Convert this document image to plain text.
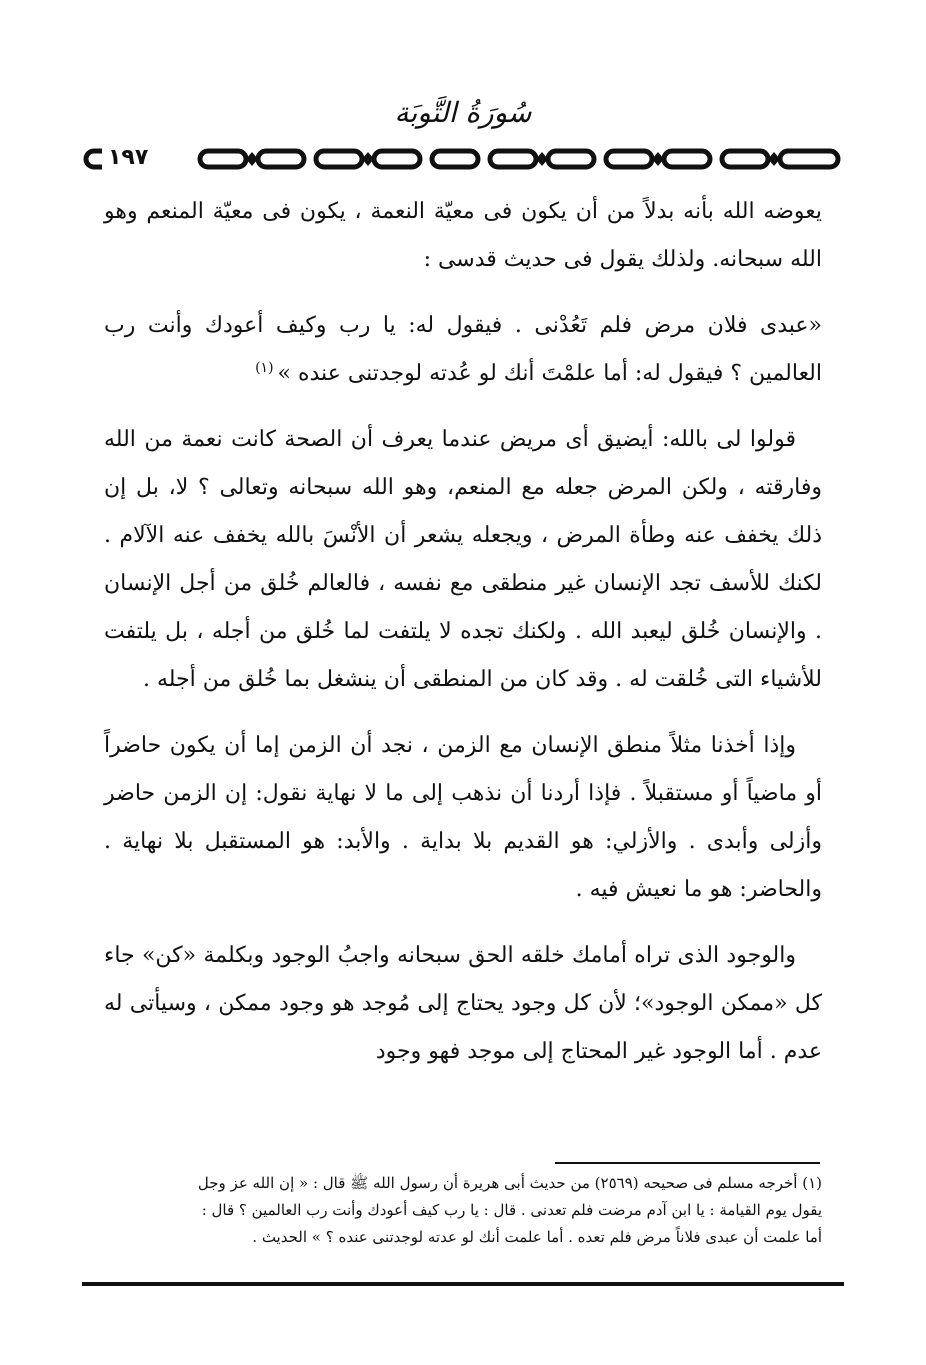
سُورَةُ التَّوبَة
١٩٧

يعوضه الله بأنه بدلاً من أن يكون فى معيّة النعمة ، يكون فى معيّة المنعم وهو الله سبحانه. ولذلك يقول فى حديث قدسى :

«عبدى فلان مرض فلم تَعُدْنى . فيقول له: يا رب وكيف أعودك وأنت رب العالمين ؟ فيقول له: أما علمْتَ أنك لو عُدته لوجدتنى عنده »$^{(١)}$

قولوا لى بالله: أيضيق أى مريض عندما يعرف أن الصحة كانت نعمة من الله وفارقته ، ولكن المرض جعله مع المنعم، وهو الله سبحانه وتعالى ؟ لا، بل إن ذلك يخفف عنه وطأة المرض ، ويجعله يشعر أن الأنْسَ بالله يخفف عنه الآلام . لكنك للأسف تجد الإنسان غير منطقى مع نفسه ، فالعالم خُلق من أجل الإنسان . والإنسان خُلق ليعبد الله . ولكنك تجده لا يلتفت لما خُلق من أجله ، بل يلتفت للأشياء التى خُلقت له . وقد كان من المنطقى أن ينشغل بما خُلق من أجله .

وإذا أخذنا مثلاً منطق الإنسان مع الزمن ، نجد أن الزمن إما أن يكون حاضراً أو ماضياً أو مستقبلاً . فإذا أردنا أن نذهب إلى ما لا نهاية نقول: إن الزمن حاضر وأزلى وأبدى . والأزلي: هو القديم بلا بداية . والأبد: هو المستقبل بلا نهاية . والحاضر: هو ما نعيش فيه .

والوجود الذى تراه أمامك خلقه الحق سبحانه واجبُ الوجود وبكلمة «كن» جاء كل «ممكن الوجود»؛ لأن كل وجود يحتاج إلى مُوجد هو وجود ممكن ، وسيأتى له عدم . أما الوجود غير المحتاج إلى موجد فهو وجود

(١) أخرجه مسلم فى صحيحه (٢٥٦٩) من حديث أبى هريرة أن رسول الله ﷺ قال : « إن الله عز وجل

يقول يوم القيامة : يا ابن آدم مرضت فلم تعدنى . قال : يا رب كيف أعودك وأنت رب العالمين ؟ قال :

أما علمت أن عبدى فلاناً مرض فلم تعده . أما علمت أنك لو عدته لوجدتنى عنده ؟ » الحديث .
